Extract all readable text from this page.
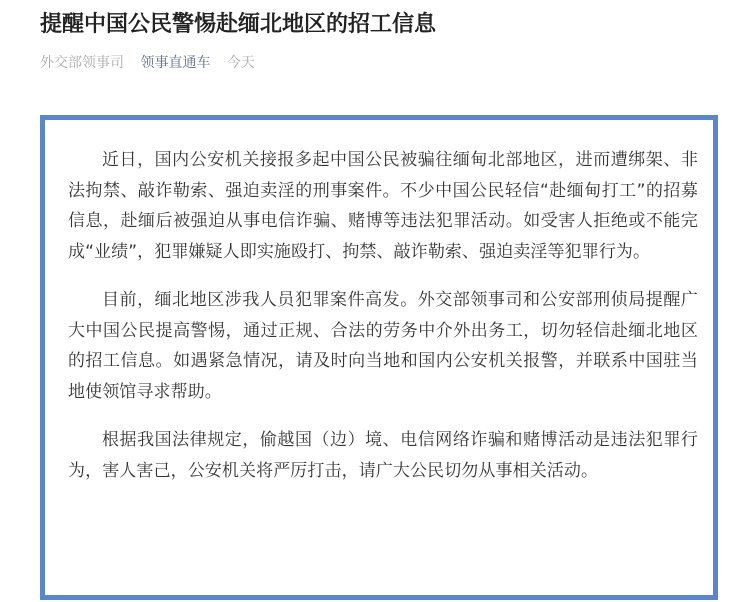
提醒中国公民警惕赴缅北地区的招工信息
外交部领事司 领事直通车 今天

近日，国内公安机关接报多起中国公民被骗往缅甸北部地区，进而遭绑架、非法拘禁、敲诈勒索、强迫卖淫的刑事案件。不少中国公民轻信“赴缅甸打工”的招募信息，赴缅后被强迫从事电信诈骗、赌博等违法犯罪活动。如受害人拒绝或不能完成“业绩”，犯罪嫌疑人即实施殴打、拘禁、敲诈勒索、强迫卖淫等犯罪行为。

目前，缅北地区涉我人员犯罪案件高发。外交部领事司和公安部刑侦局提醒广大中国公民提高警惕，通过正规、合法的劳务中介外出务工，切勿轻信赴缅北地区的招工信息。如遇紧急情况，请及时向当地和国内公安机关报警，并联系中国驻当地使领馆寻求帮助。

根据我国法律规定，偷越国（边）境、电信网络诈骗和赌博活动是违法犯罪行为，害人害己，公安机关将严厉打击，请广大公民切勿从事相关活动。
